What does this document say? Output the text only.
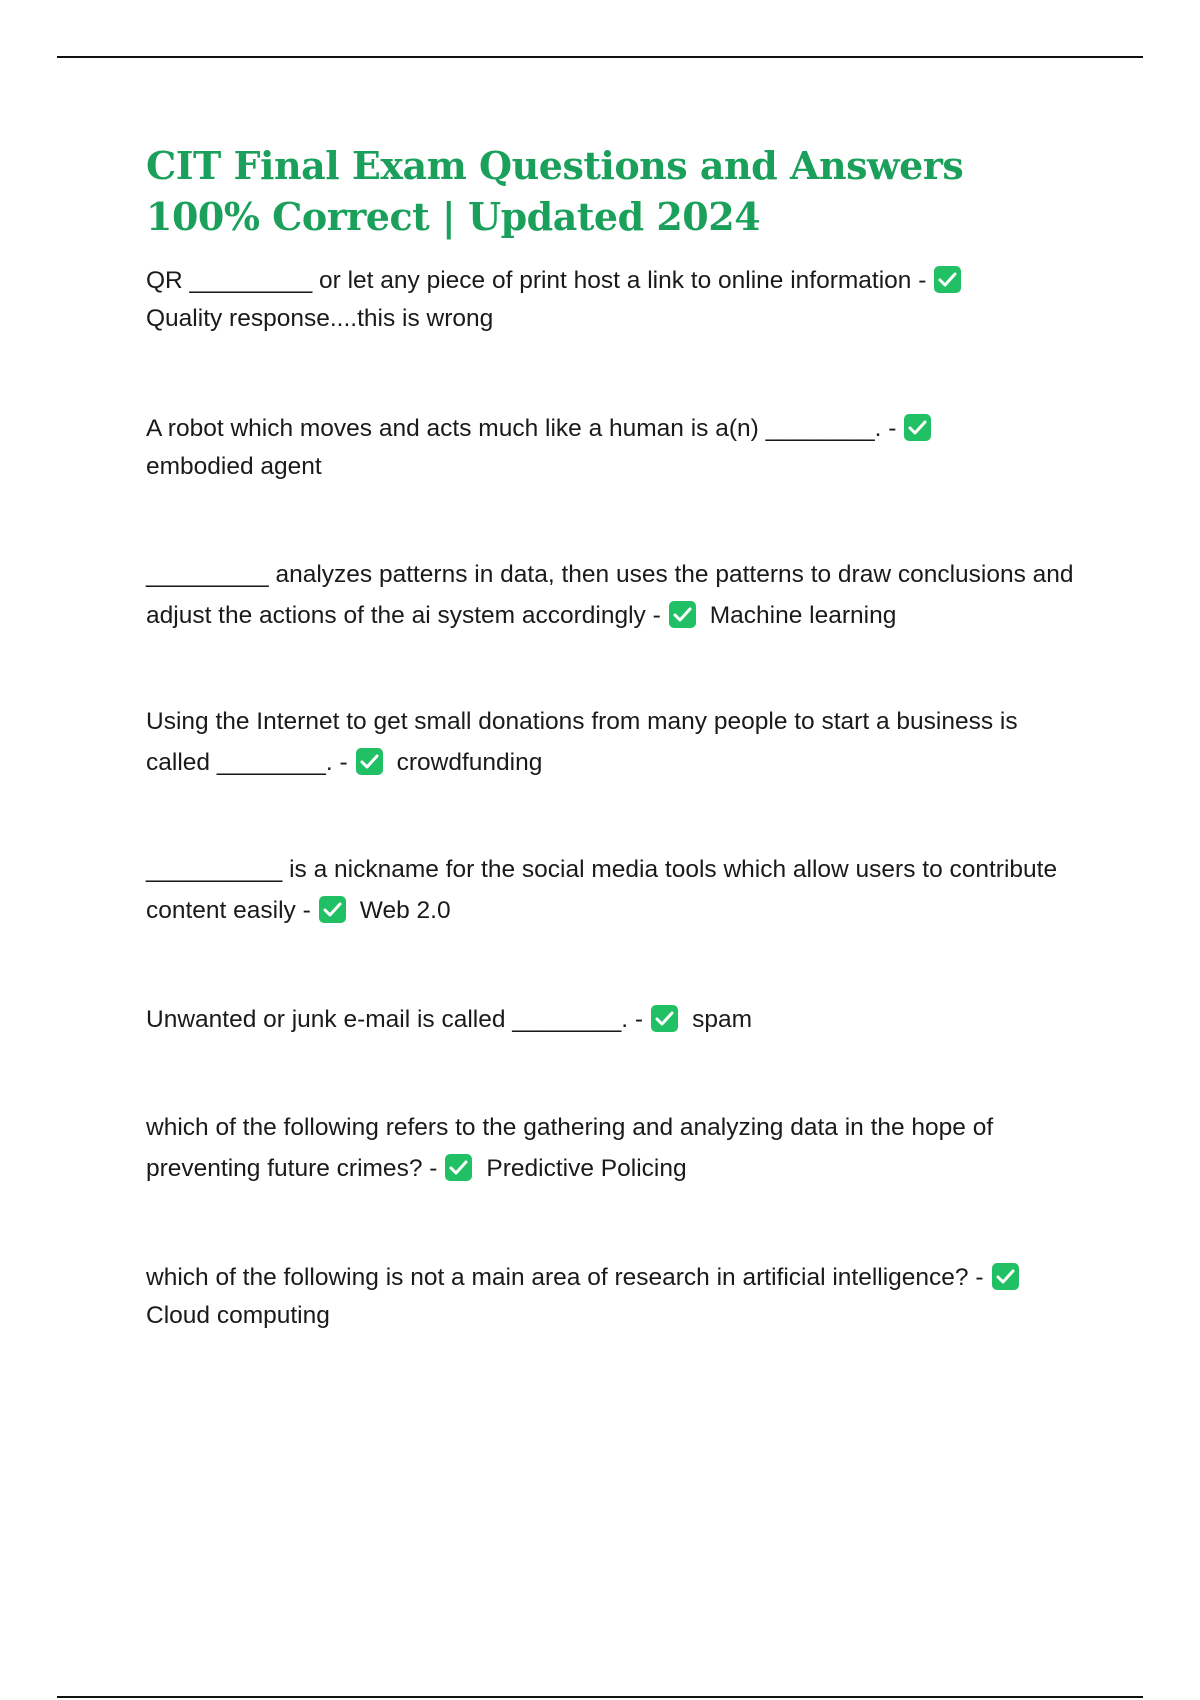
CIT Final Exam Questions and Answers 100% Correct | Updated 2024
QR _________ or let any piece of print host a link to online information -

Quality response....this is wrong
A robot which moves and acts much like a human is a(n) ________. -

embodied agent
_________ analyzes patterns in data, then uses the patterns to draw conclusions and adjust the actions of the ai system accordingly - Machine learning
Using the Internet to get small donations from many people to start a business is called ________. - crowdfunding
__________ is a nickname for the social media tools which allow users to contribute content easily - Web 2.0
Unwanted or junk e-mail is called ________. - spam
which of the following refers to the gathering and analyzing data in the hope of preventing future crimes? - Predictive Policing
which of the following is not a main area of research in artificial intelligence? -

Cloud computing
